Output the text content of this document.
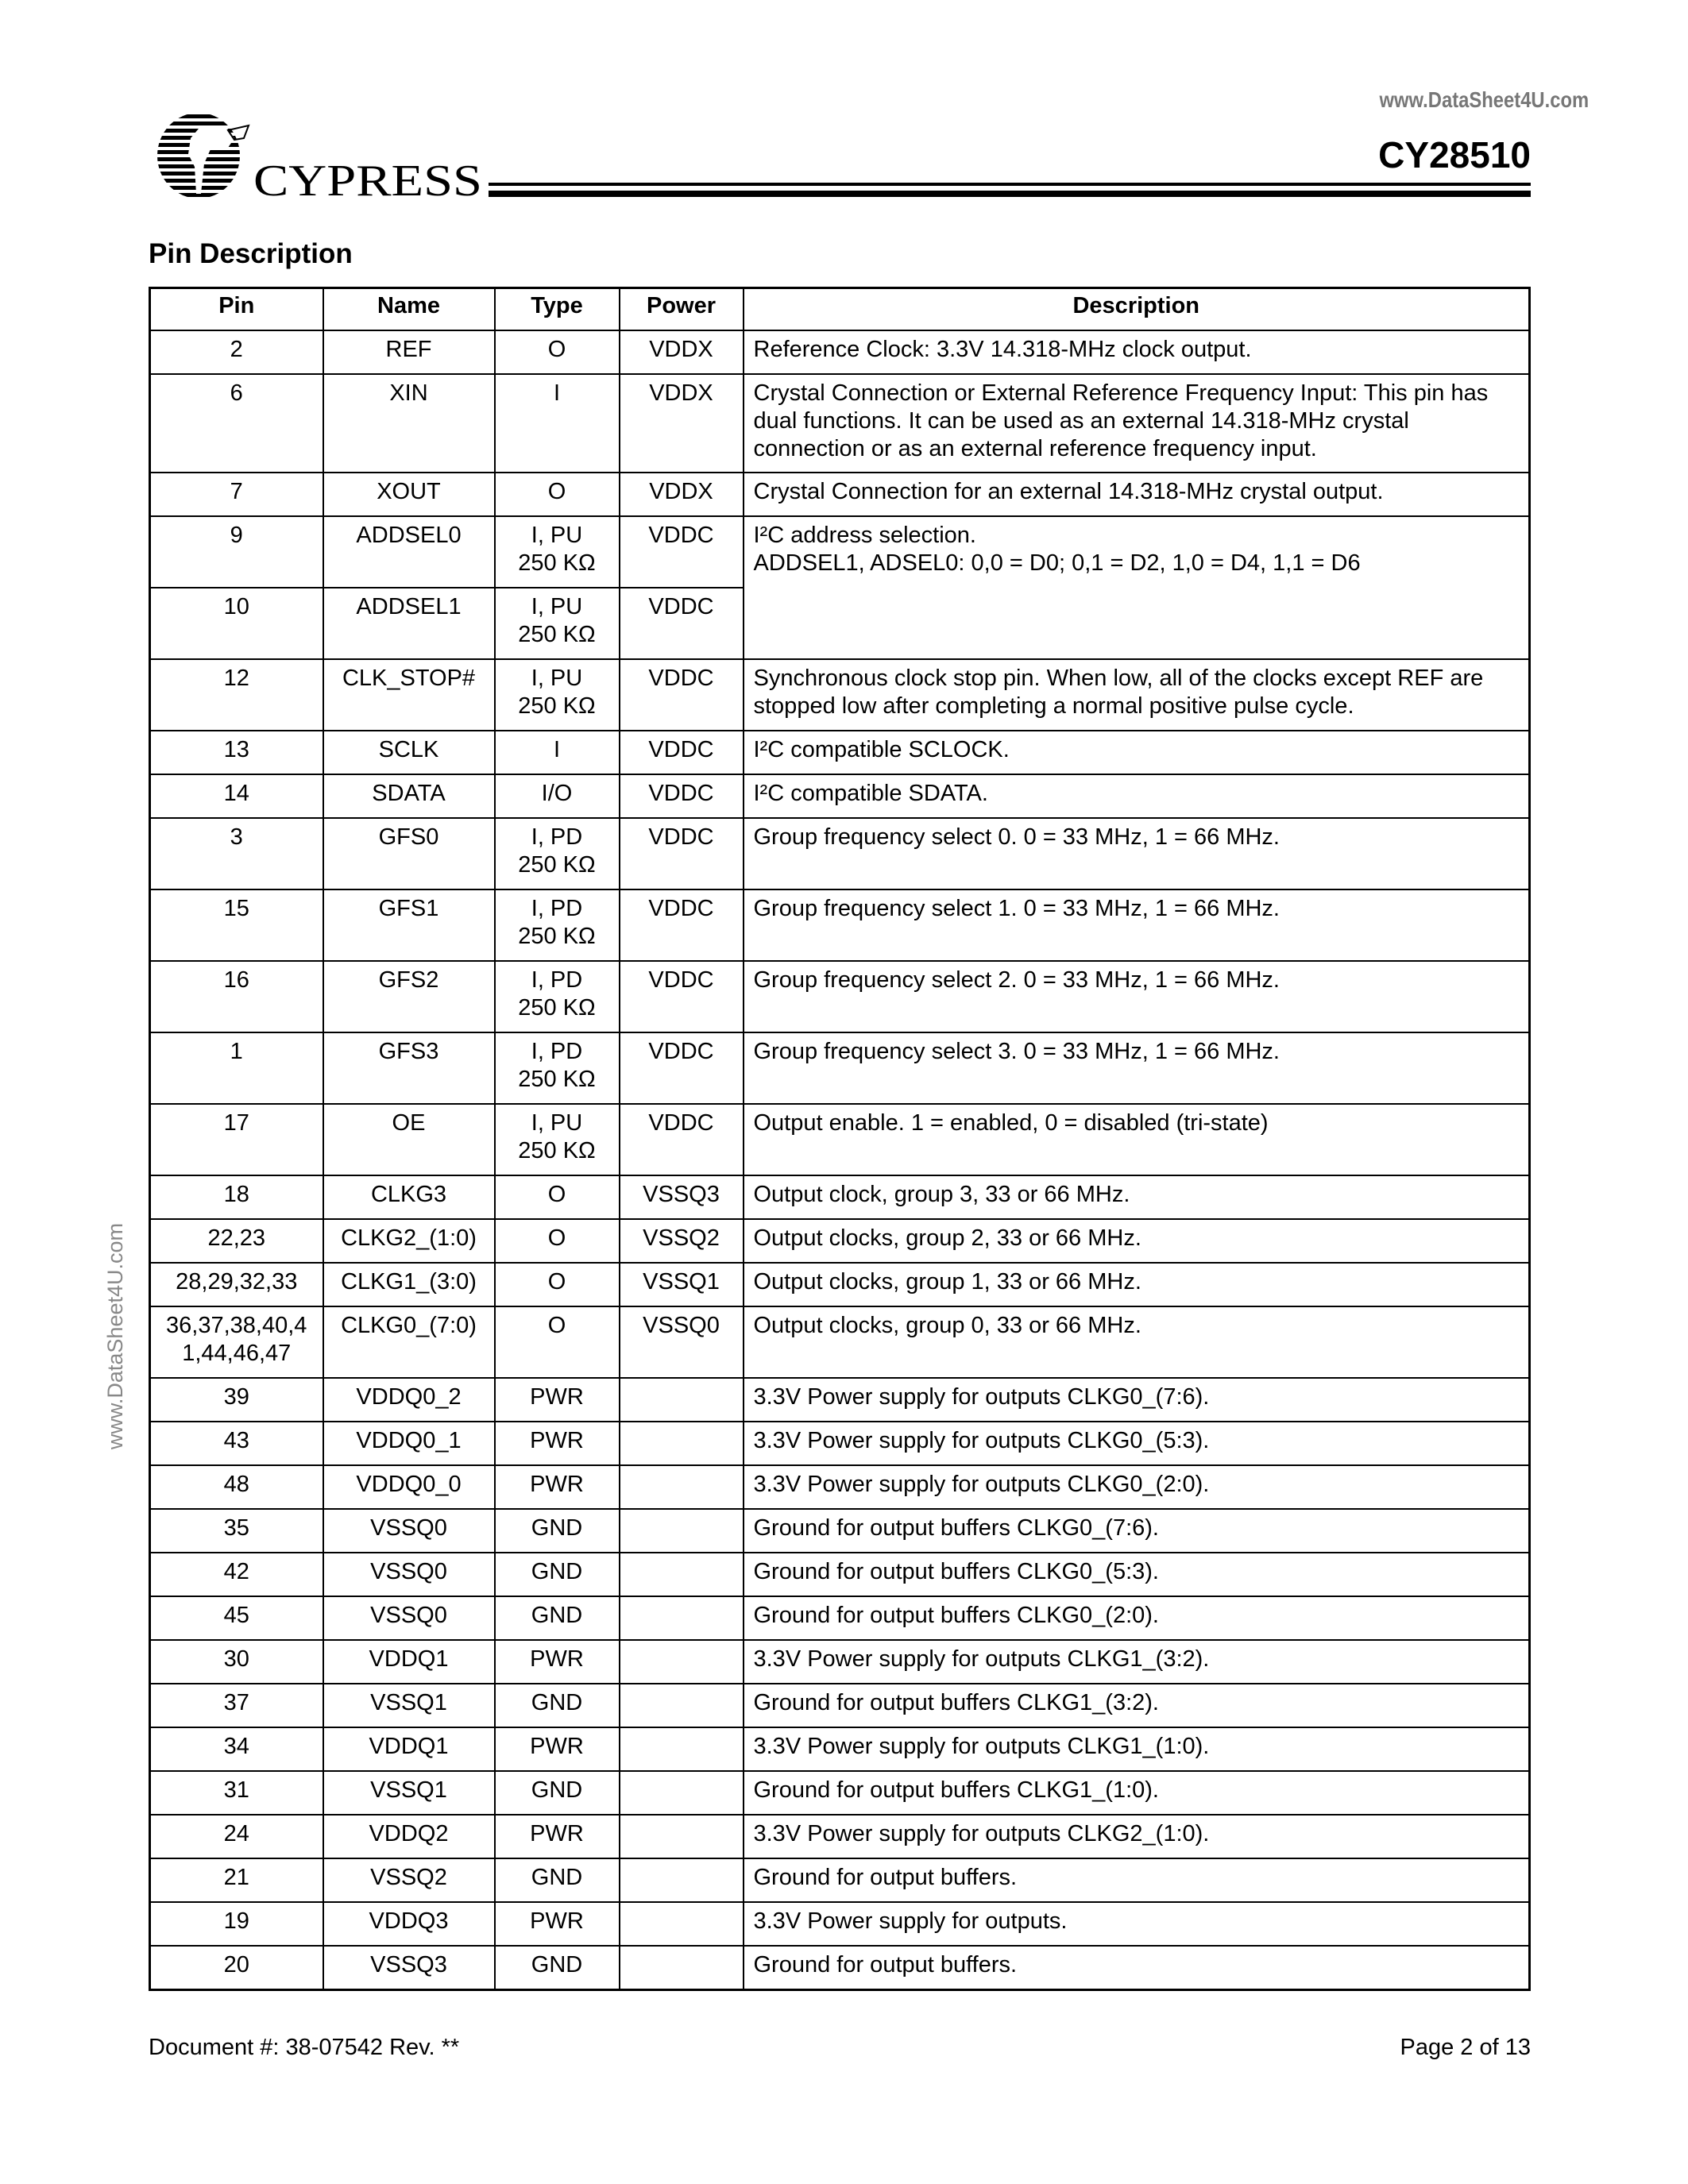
www.DataSheet4U.com
CYPRESS
CY28510
Pin Description
Pin	Name	Type	Power	Description
2	REF	O	VDDX	Reference Clock: 3.3V 14.318-MHz clock output.
6	XIN	I	VDDX	Crystal Connection or External Reference Frequency Input: This pin has dual functions. It can be used as an external 14.318-MHz crystal connection or as an external reference frequency input.
7	XOUT	O	VDDX	Crystal Connection for an external 14.318-MHz crystal output.
9	ADDSEL0	I, PU
250 KΩ	VDDC	I²C address selection.
ADDSEL1, ADSEL0: 0,0 = D0; 0,1 = D2, 1,0 = D4, 1,1 = D6
10	ADDSEL1	I, PU
250 KΩ	VDDC	
12	CLK_STOP#	I, PU
250 KΩ	VDDC	Synchronous clock stop pin. When low, all of the clocks except REF are stopped low after completing a normal positive pulse cycle.
13	SCLK	I	VDDC	I²C compatible SCLOCK.
14	SDATA	I/O	VDDC	I²C compatible SDATA.
3	GFS0	I, PD
250 KΩ	VDDC	Group frequency select 0. 0 = 33 MHz, 1 = 66 MHz.
15	GFS1	I, PD
250 KΩ	VDDC	Group frequency select 1. 0 = 33 MHz, 1 = 66 MHz.
16	GFS2	I, PD
250 KΩ	VDDC	Group frequency select 2. 0 = 33 MHz, 1 = 66 MHz.
1	GFS3	I, PD
250 KΩ	VDDC	Group frequency select 3. 0 = 33 MHz, 1 = 66 MHz.
17	OE	I, PU
250 KΩ	VDDC	Output enable. 1 = enabled, 0 = disabled (tri-state)
18	CLKG3	O	VSSQ3	Output clock, group 3, 33 or 66 MHz.
22,23	CLKG2_(1:0)	O	VSSQ2	Output clocks, group 2, 33 or 66 MHz.
28,29,32,33	CLKG1_(3:0)	O	VSSQ1	Output clocks, group 1, 33 or 66 MHz.
36,37,38,40,4
1,44,46,47	CLKG0_(7:0)	O	VSSQ0	Output clocks, group 0, 33 or 66 MHz.
39	VDDQ0_2	PWR		3.3V Power supply for outputs CLKG0_(7:6).
43	VDDQ0_1	PWR		3.3V Power supply for outputs CLKG0_(5:3).
48	VDDQ0_0	PWR		3.3V Power supply for outputs CLKG0_(2:0).
35	VSSQ0	GND		Ground for output buffers CLKG0_(7:6).
42	VSSQ0	GND		Ground for output buffers CLKG0_(5:3).
45	VSSQ0	GND		Ground for output buffers CLKG0_(2:0).
30	VDDQ1	PWR		3.3V Power supply for outputs CLKG1_(3:2).
37	VSSQ1	GND		Ground for output buffers CLKG1_(3:2).
34	VDDQ1	PWR		3.3V Power supply for outputs CLKG1_(1:0).
31	VSSQ1	GND		Ground for output buffers CLKG1_(1:0).
24	VDDQ2	PWR		3.3V Power supply for outputs CLKG2_(1:0).
21	VSSQ2	GND		Ground for output buffers.
19	VDDQ3	PWR		3.3V Power supply for outputs.
20	VSSQ3	GND		Ground for output buffers.
www.DataSheet4U.com
Document #: 38-07542 Rev. **	Page 2 of 13
